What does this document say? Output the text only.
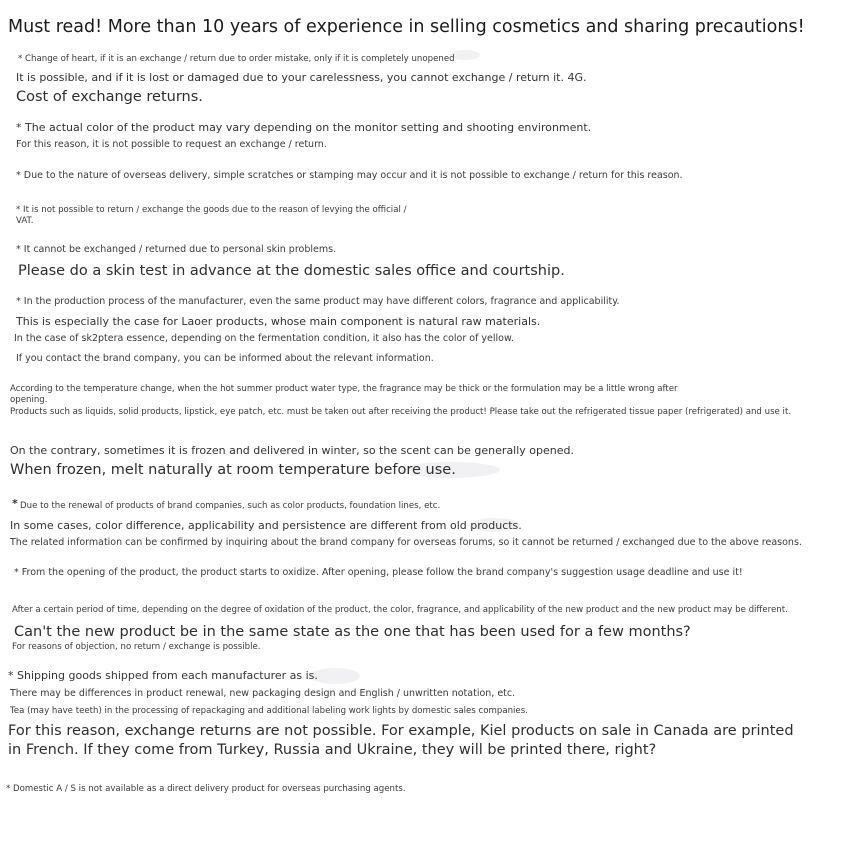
Must read! More than 10 years of experience in selling cosmetics and sharing precautions!
* Change of heart, if it is an exchange / return due to order mistake, only if it is completely unopened
It is possible, and if it is lost or damaged due to your carelessness, you cannot exchange / return it. 4G.
Cost of exchange returns.
* The actual color of the product may vary depending on the monitor setting and shooting environment.
For this reason, it is not possible to request an exchange / return.
* Due to the nature of overseas delivery, simple scratches or stamping may occur and it is not possible to exchange / return for this reason.
* It is not possible to return / exchange the goods due to the reason of levying the official /
VAT.
* It cannot be exchanged / returned due to personal skin problems.
Please do a skin test in advance at the domestic sales office and courtship.
* In the production process of the manufacturer, even the same product may have different colors, fragrance and applicability.
This is especially the case for Laoer products, whose main component is natural raw materials.
In the case of sk2ptera essence, depending on the fermentation condition, it also has the color of yellow.
If you contact the brand company, you can be informed about the relevant information.
According to the temperature change, when the hot summer product water type, the fragrance may be thick or the formulation may be a little wrong after
opening.
Products such as liquids, solid products, lipstick, eye patch, etc. must be taken out after receiving the product! Please take out the refrigerated tissue paper (refrigerated) and use it.
On the contrary, sometimes it is frozen and delivered in winter, so the scent can be generally opened.
When frozen, melt naturally at room temperature before use.
* Due to the renewal of products of brand companies, such as color products, foundation lines, etc.
In some cases, color difference, applicability and persistence are different from old products.
The related information can be confirmed by inquiring about the brand company for overseas forums, so it cannot be returned / exchanged due to the above reasons.
* From the opening of the product, the product starts to oxidize. After opening, please follow the brand company's suggestion usage deadline and use it!
After a certain period of time, depending on the degree of oxidation of the product, the color, fragrance, and applicability of the new product and the new product may be different.
Can't the new product be in the same state as the one that has been used for a few months?
For reasons of objection, no return / exchange is possible.
* Shipping goods shipped from each manufacturer as is.
There may be differences in product renewal, new packaging design and English / unwritten notation, etc.
Tea (may have teeth) in the processing of repackaging and additional labeling work lights by domestic sales companies.
For this reason, exchange returns are not possible. For example, Kiel products on sale in Canada are printed
in French. If they come from Turkey, Russia and Ukraine, they will be printed there, right?
* Domestic A / S is not available as a direct delivery product for overseas purchasing agents.
